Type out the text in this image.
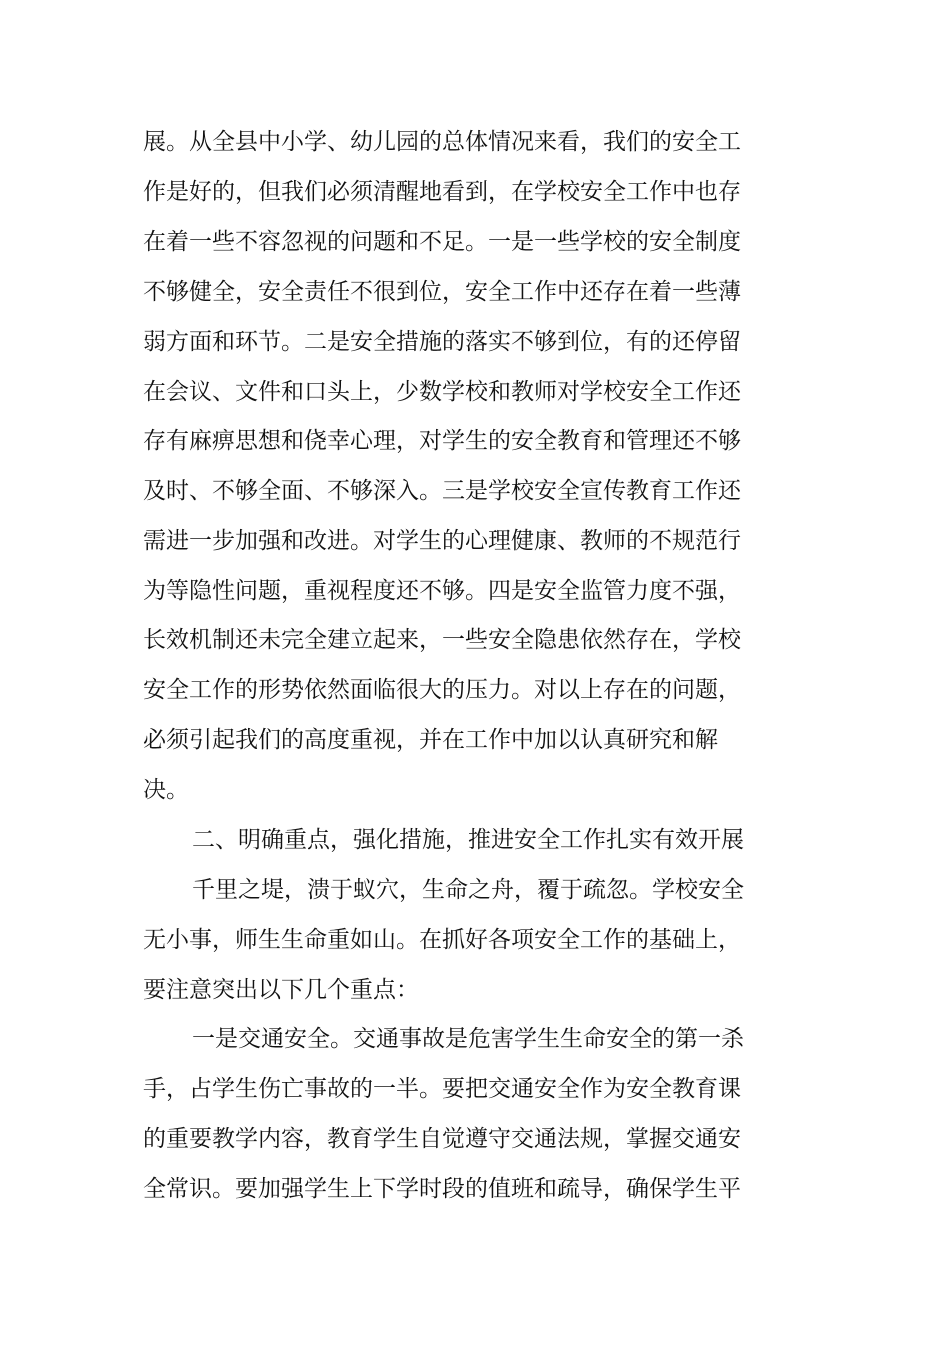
展。从全县中小学、幼儿园的总体情况来看，我们的安全工
作是好的，但我们必须清醒地看到，在学校安全工作中也存
在着一些不容忽视的问题和不足。一是一些学校的安全制度
不够健全，安全责任不很到位，安全工作中还存在着一些薄
弱方面和环节。二是安全措施的落实不够到位，有的还停留
在会议、文件和口头上，少数学校和教师对学校安全工作还
存有麻痹思想和侥幸心理，对学生的安全教育和管理还不够
及时、不够全面、不够深入。三是学校安全宣传教育工作还
需进一步加强和改进。对学生的心理健康、教师的不规范行
为等隐性问题，重视程度还不够。四是安全监管力度不强，
长效机制还未完全建立起来，一些安全隐患依然存在，学校
安全工作的形势依然面临很大的压力。对以上存在的问题，
必须引起我们的高度重视，并在工作中加以认真研究和解
决。
二、明确重点，强化措施，推进安全工作扎实有效开展
千里之堤，溃于蚁穴，生命之舟，覆于疏忽。学校安全
无小事，师生生命重如山。在抓好各项安全工作的基础上，
要注意突出以下几个重点：
一是交通安全。交通事故是危害学生生命安全的第一杀
手，占学生伤亡事故的一半。要把交通安全作为安全教育课
的重要教学内容，教育学生自觉遵守交通法规，掌握交通安
全常识。要加强学生上下学时段的值班和疏导，确保学生平
